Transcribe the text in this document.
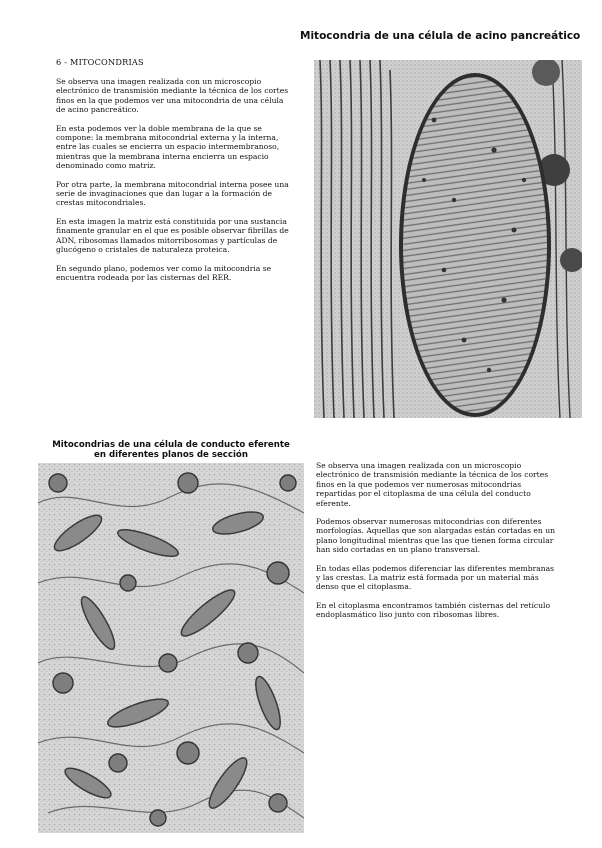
Mitocondria de una célula de acino pancreático
6 - MITOCONDRIAS

Se observa una imagen realizada con un microscopio electrónico de transmisión mediante la técnica de los cortes finos en la que podemos ver una mitocondria de una célula de acino pancreático.

En esta podemos ver la doble membrana de la que se compone: la membrana mitocondrial externa y la interna, entre las cuales se encierra un espacio intermembranoso, mientras que la membrana interna encierra un espacio denominado como matriz.

Por otra parte, la membrana mitocondrial interna posee una serie de invaginaciones que dan lugar a la formación de crestas mitocondriales.

En esta imagen la matriz está constituida por una sustancia finamente granular en el que es posible observar fibrillas de ADN, ribosomas llamados mitorribosomas y partículas de glucógeno o cristales de naturaleza proteica.

En segundo plano, podemos ver como la mitocondria se encuentra rodeada por las cisternas del RER.

Mitocondrias de una célula de conducto eferente
en diferentes planos de sección

Se observa una imagen realizada con un microscopio electrónico de transmisión mediante la técnica de los cortes finos en la que podemos ver numerosas mitocondrias repartidas por el citoplasma de una célula del conducto eferente.

Podemos observar numerosas mitocondrias con diferentes morfologías. Aquellas que son alargadas están cortadas en un plano longitudinal mientras que las que tienen forma circular han sido cortadas en un plano transversal.

En todas ellas podemos diferenciar las diferentes membranas y las crestas. La matriz está formada por un material más denso que el citoplasma.

En el citoplasma encontramos también cisternas del retículo endoplasmático liso junto con ribosomas libres.
